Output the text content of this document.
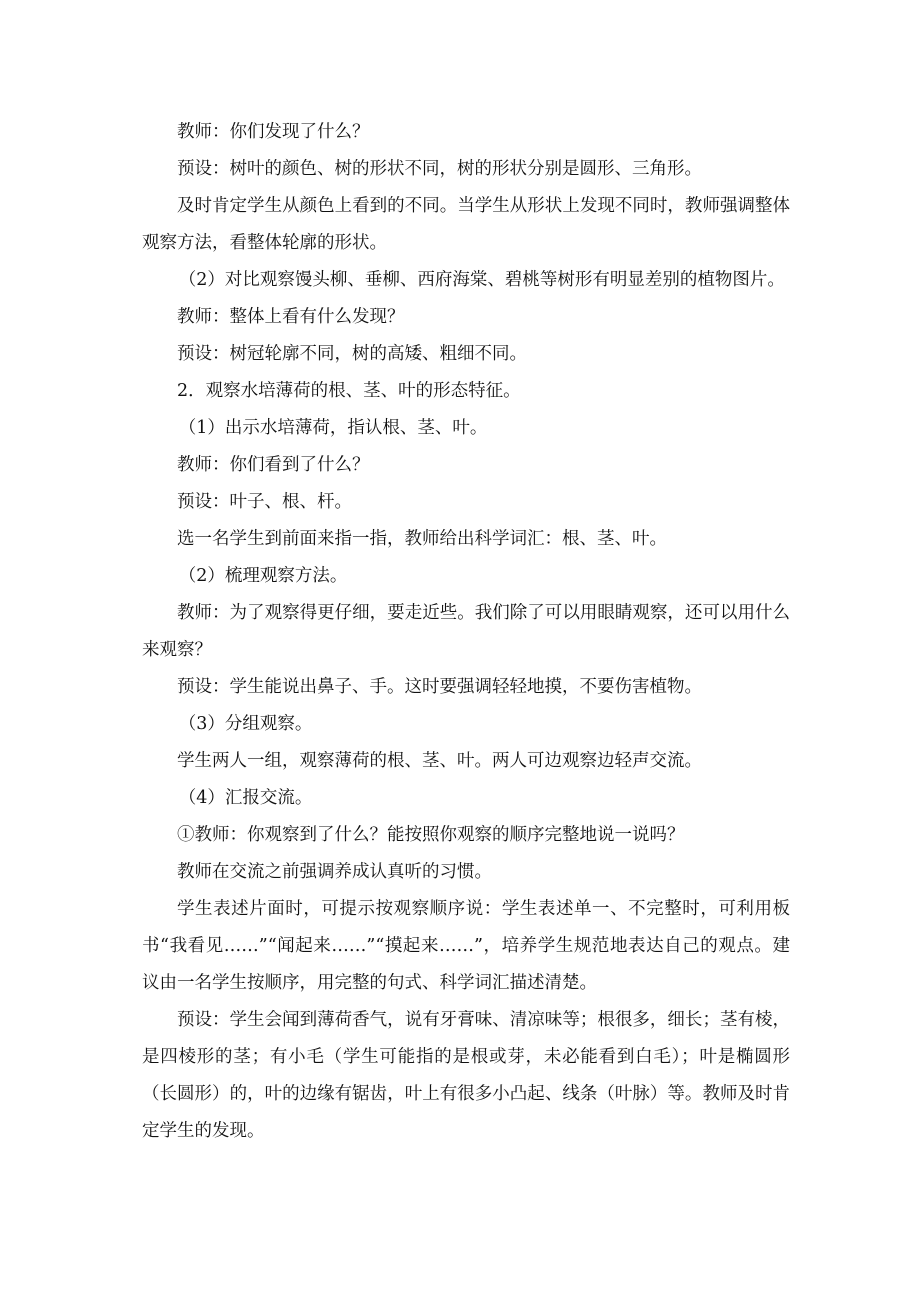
教师：你们发现了什么？

预设：树叶的颜色、树的形状不同，树的形状分别是圆形、三角形。

及时肯定学生从颜色上看到的不同。当学生从形状上发现不同时，教师强调整体观察方法，看整体轮廓的形状。

（2）对比观察馒头柳、垂柳、西府海棠、碧桃等树形有明显差别的植物图片。

教师：整体上看有什么发现？

预设：树冠轮廓不同，树的高矮、粗细不同。

2．观察水培薄荷的根、茎、叶的形态特征。

（1）出示水培薄荷，指认根、茎、叶。

教师：你们看到了什么？

预设：叶子、根、杆。

选一名学生到前面来指一指，教师给出科学词汇：根、茎、叶。

（2）梳理观察方法。

教师：为了观察得更仔细，要走近些。我们除了可以用眼睛观察，还可以用什么来观察？

预设：学生能说出鼻子、手。这时要强调轻轻地摸，不要伤害植物。

（3）分组观察。

学生两人一组，观察薄荷的根、茎、叶。两人可边观察边轻声交流。

（4）汇报交流。

①教师：你观察到了什么？能按照你观察的顺序完整地说一说吗？

教师在交流之前强调养成认真听的习惯。

学生表述片面时，可提示按观察顺序说：学生表述单一、不完整时，可利用板书“我看见……”“闻起来……”“摸起来……”，培养学生规范地表达自己的观点。建议由一名学生按顺序，用完整的句式、科学词汇描述清楚。

预设：学生会闻到薄荷香气，说有牙膏味、清凉味等；根很多，细长；茎有棱，是四棱形的茎；有小毛（学生可能指的是根或芽，未必能看到白毛）；叶是椭圆形（长圆形）的，叶的边缘有锯齿，叶上有很多小凸起、线条（叶脉）等。教师及时肯定学生的发现。
